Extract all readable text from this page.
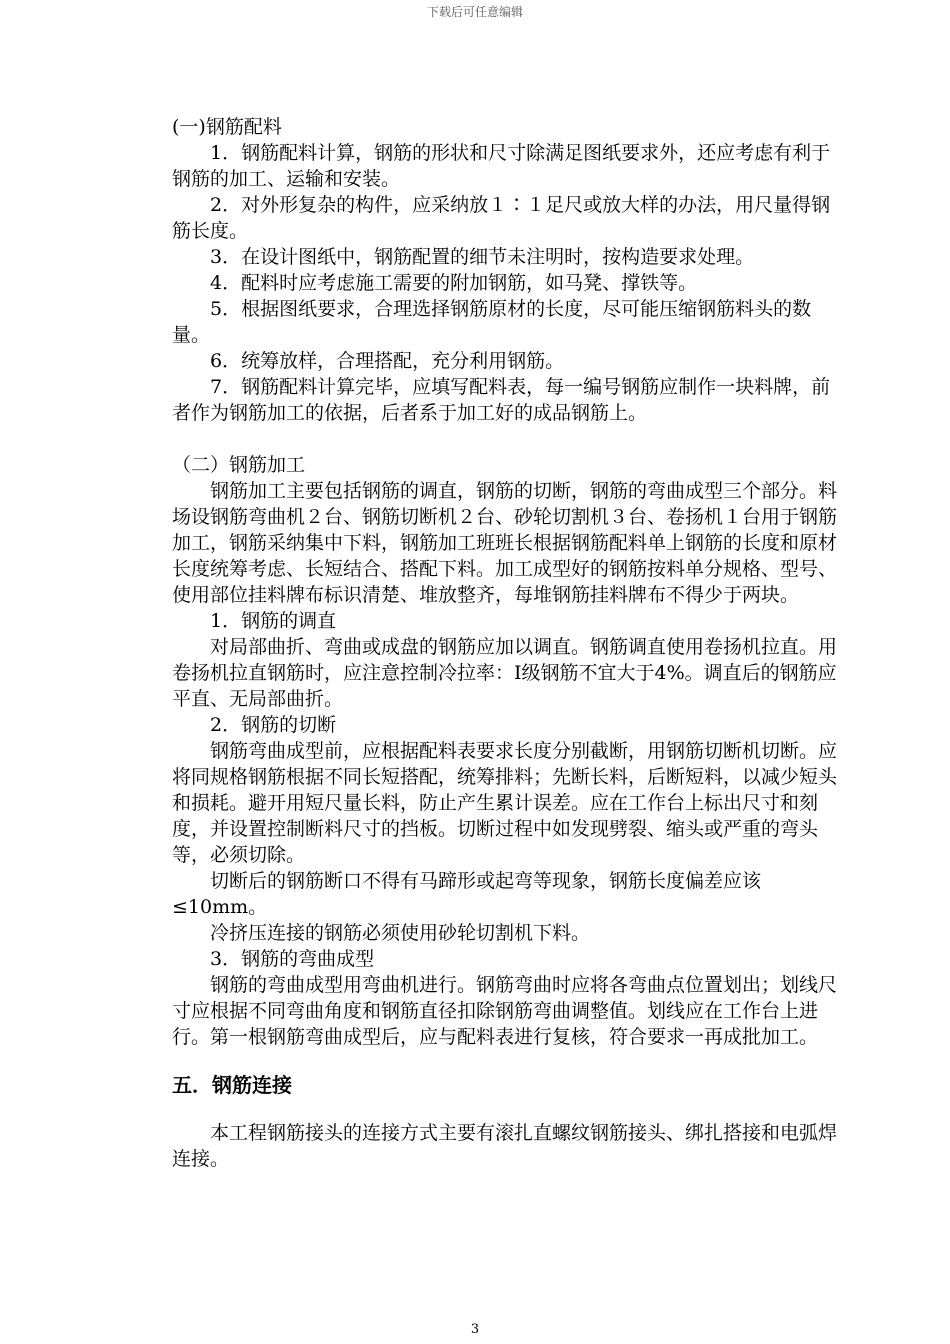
下载后可任意编辑

(一)钢筋配料

1．钢筋配料计算，钢筋的形状和尺寸除满足图纸要求外，还应考虑有利于钢筋的加工、运输和安装。

2．对外形复杂的构件，应采纳放１∶１足尺或放大样的办法，用尺量得钢筋长度。

3．在设计图纸中，钢筋配置的细节未注明时，按构造要求处理。

4．配料时应考虑施工需要的附加钢筋，如马凳、撑铁等。

5．根据图纸要求，合理选择钢筋原材的长度，尽可能压缩钢筋料头的数量。

6．统筹放样，合理搭配，充分利用钢筋。

7．钢筋配料计算完毕，应填写配料表，每一编号钢筋应制作一块料牌，前者作为钢筋加工的依据，后者系于加工好的成品钢筋上。

（二）钢筋加工

钢筋加工主要包括钢筋的调直，钢筋的切断，钢筋的弯曲成型三个部分。料场设钢筋弯曲机２台、钢筋切断机２台、砂轮切割机３台、卷扬机１台用于钢筋加工，钢筋采纳集中下料，钢筋加工班班长根据钢筋配料单上钢筋的长度和原材长度统筹考虑、长短结合、搭配下料。加工成型好的钢筋按料单分规格、型号、使用部位挂料牌布标识清楚、堆放整齐，每堆钢筋挂料牌布不得少于两块。

1．钢筋的调直

对局部曲折、弯曲或成盘的钢筋应加以调直。钢筋调直使用卷扬机拉直。用卷扬机拉直钢筋时，应注意控制冷拉率：Ⅰ级钢筋不宜大于4%。调直后的钢筋应平直、无局部曲折。

2．钢筋的切断

钢筋弯曲成型前，应根据配料表要求长度分别截断，用钢筋切断机切断。应将同规格钢筋根据不同长短搭配，统筹排料；先断长料，后断短料，以减少短头和损耗。避开用短尺量长料，防止产生累计误差。应在工作台上标出尺寸和刻度，并设置控制断料尺寸的挡板。切断过程中如发现劈裂、缩头或严重的弯头等，必须切除。

切断后的钢筋断口不得有马蹄形或起弯等现象，钢筋长度偏差应该≤10mm。

冷挤压连接的钢筋必须使用砂轮切割机下料。

3．钢筋的弯曲成型

钢筋的弯曲成型用弯曲机进行。钢筋弯曲时应将各弯曲点位置划出；划线尺寸应根据不同弯曲角度和钢筋直径扣除钢筋弯曲调整值。划线应在工作台上进行。第一根钢筋弯曲成型后，应与配料表进行复核，符合要求一再成批加工。

五．钢筋连接

本工程钢筋接头的连接方式主要有滚扎直螺纹钢筋接头、绑扎搭接和电弧焊连接。

3
